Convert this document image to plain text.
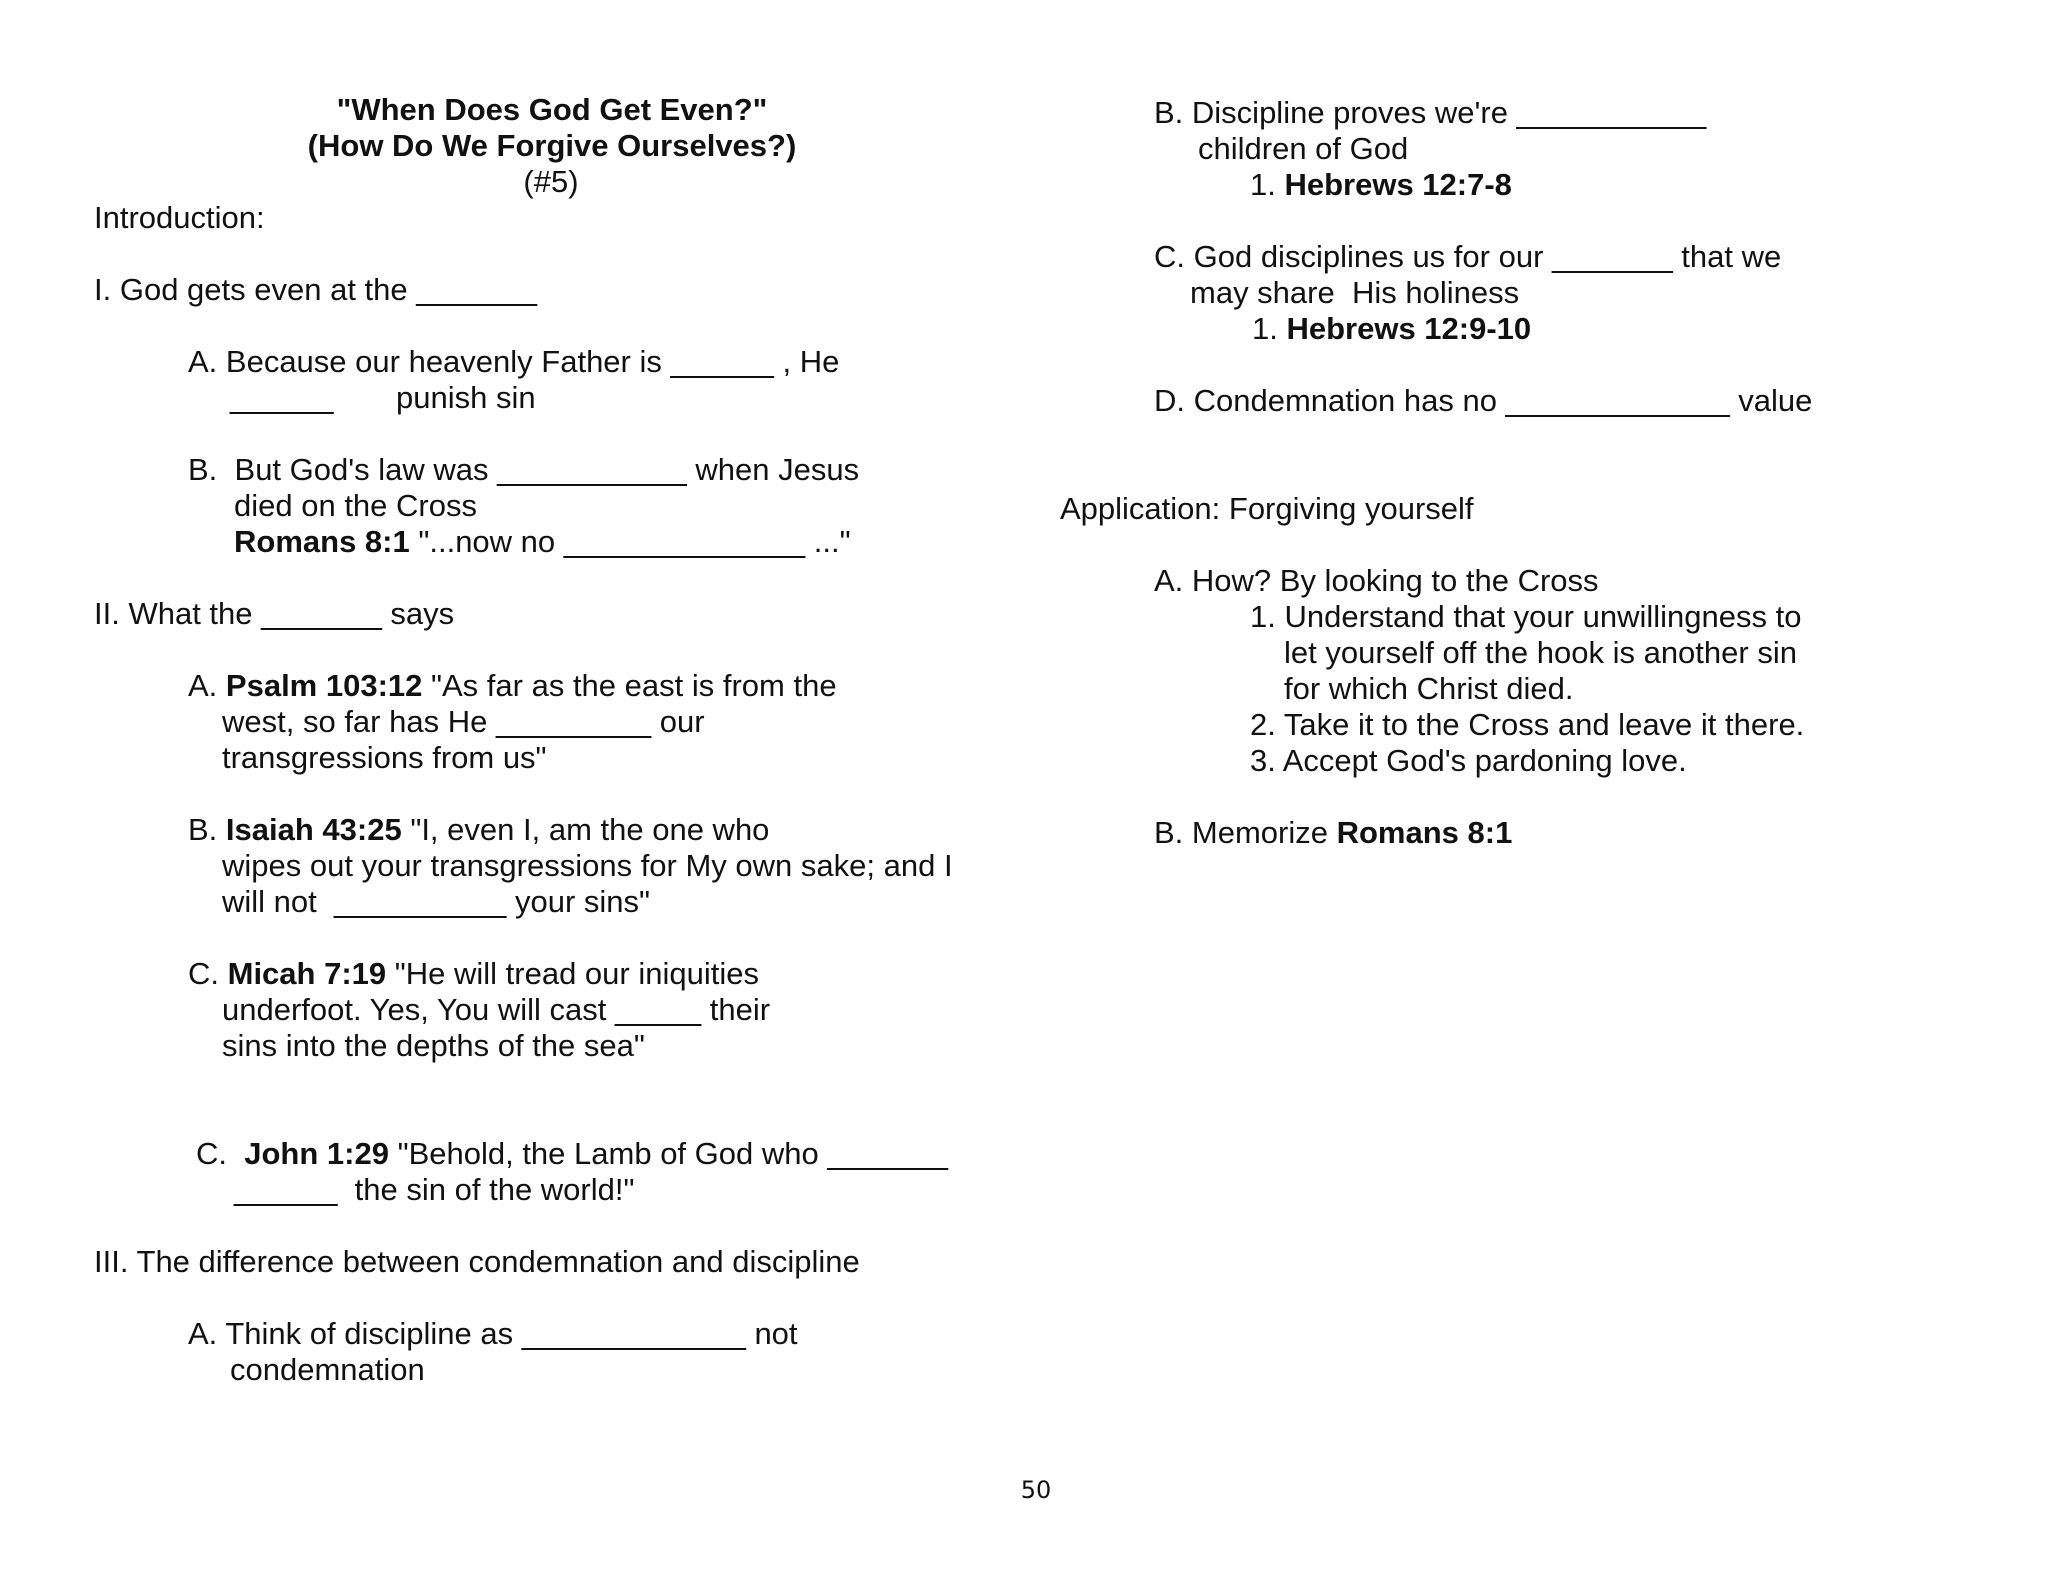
"When Does God Get Even?"
(How Do We Forgive Ourselves?)
(#5)
Introduction:
I. God gets even at the _______
A. Because our heavenly Father is ______ , He
______ punish sin
B.  But God's law was ___________ when Jesus
died on the Cross
Romans 8:1 "...now no ______________ ..."
II. What the _______ says
A. Psalm 103:12 "As far as the east is from the
west, so far has He _________ our
transgressions from us"
B. Isaiah 43:25 "I, even I, am the one who
wipes out your transgressions for My own sake; and I
will not  __________ your sins"
C. Micah 7:19 "He will tread our iniquities
underfoot. Yes, You will cast _____ their
sins into the depths of the sea"
C.  John 1:29 "Behold, the Lamb of God who _______
______  the sin of the world!"
III. The difference between condemnation and discipline
A. Think of discipline as _____________ not
condemnation
B. Discipline proves we're ___________
children of God
1. Hebrews 12:7-8
C. God disciplines us for our _______ that we
may share  His holiness
1. Hebrews 12:9-10
D. Condemnation has no _____________ value
Application: Forgiving yourself
A. How? By looking to the Cross
1. Understand that your unwillingness to
let yourself off the hook is another sin
for which Christ died.
2. Take it to the Cross and leave it there.
3. Accept God's pardoning love.
B. Memorize Romans 8:1
50
